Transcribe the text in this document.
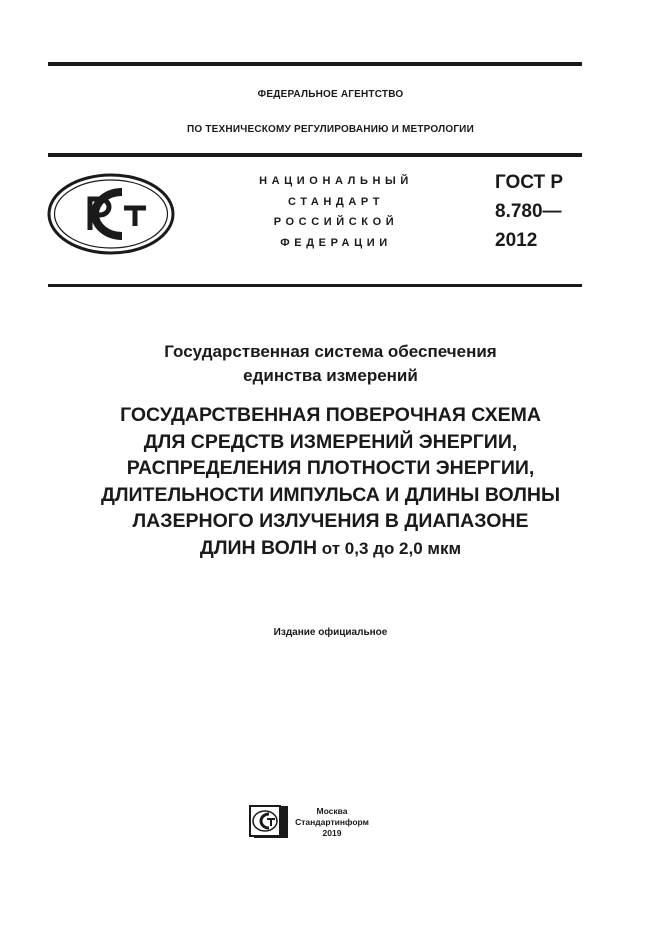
ФЕДЕРАЛЬНОЕ АГЕНТСТВО
ПО ТЕХНИЧЕСКОМУ РЕГУЛИРОВАНИЮ И МЕТРОЛОГИИ
НАЦИОНАЛЬНЫЙ
СТАНДАРТ
РОССИЙСКОЙ
ФЕДЕРАЦИИ
ГОСТ Р
8.780—
2012
Государственная система обеспечения
единства измерений
ГОСУДАРСТВЕННАЯ ПОВЕРОЧНАЯ СХЕМА
ДЛЯ СРЕДСТВ ИЗМЕРЕНИЙ ЭНЕРГИИ,
РАСПРЕДЕЛЕНИЯ ПЛОТНОСТИ ЭНЕРГИИ,
ДЛИТЕЛЬНОСТИ ИМПУЛЬСА И ДЛИНЫ ВОЛНЫ
ЛАЗЕРНОГО ИЗЛУЧЕНИЯ В ДИАПАЗОНЕ
ДЛИН ВОЛН от 0,3 до 2,0 мкм
Издание официальное
Москва
Стандартинформ
2019
